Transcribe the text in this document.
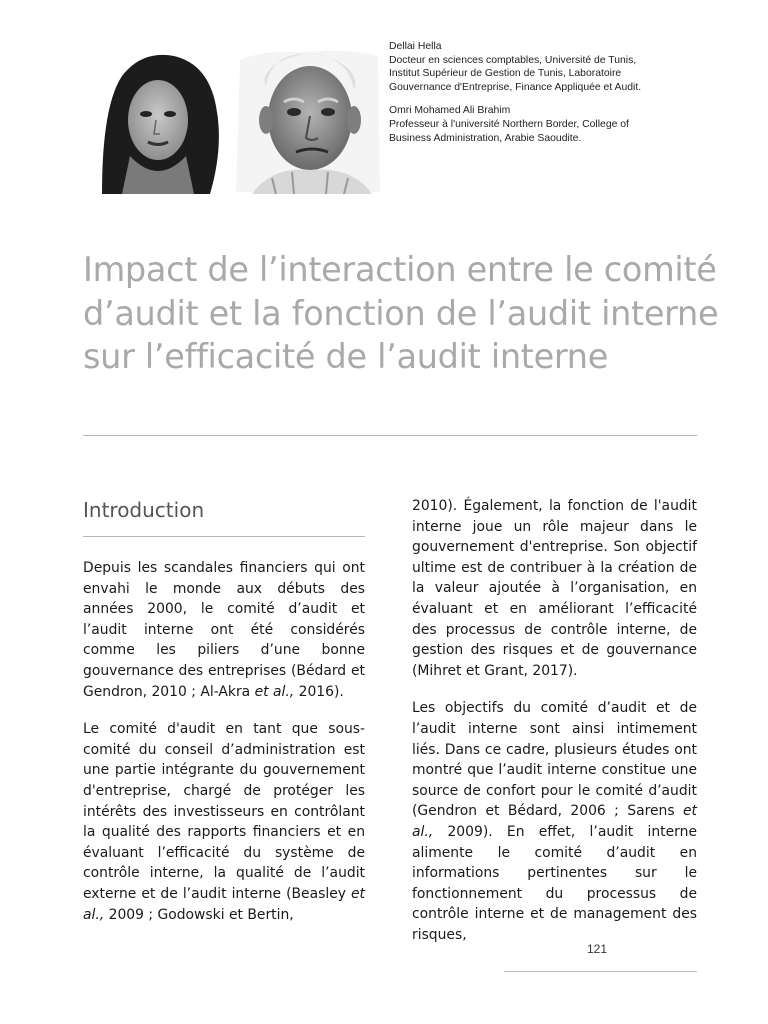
Dellai Hella

Docteur en sciences comptables, Université de Tunis,

Institut Supérieur de Gestion de Tunis, Laboratoire

Gouvernance d'Entreprise, Finance Appliquée et Audit.

Omri Mohamed Ali Brahim

Professeur à l'université Northern Border, College of

Business Administration, Arabie Saoudite.

Impact de l’interaction entre le comité d’audit et la fonction de l’audit interne sur l’efficacité de l’audit interne
Introduction

Depuis les scandales financiers qui ont envahi le monde aux débuts des années 2000, le comité d’audit et l’audit interne ont été considérés comme les piliers d’une bonne gouvernance des entreprises (Bédard et Gendron, 2010 ; Al-Akra et al., 2016).

Le comité d'audit en tant que sous-comité du conseil d’administration est une partie intégrante du gouvernement d'entreprise, chargé de protéger les intérêts des investisseurs en contrôlant la qualité des rapports financiers et en évaluant l’efficacité du système de contrôle interne, la qualité de l’audit externe et de l’audit interne (Beasley et al., 2009 ; Godowski et Bertin,

2010). Également, la fonction de l'audit interne joue un rôle majeur dans le gouvernement d'entreprise. Son objectif ultime est de contribuer à la création de la valeur ajoutée à l’organisation, en évaluant et en améliorant l’efficacité des processus de contrôle interne, de gestion des risques et de gouvernance (Mihret et Grant, 2017).

Les objectifs du comité d’audit et de l’audit interne sont ainsi intimement liés. Dans ce cadre, plusieurs études ont montré que l’audit interne constitue une source de confort pour le comité d’audit (Gendron et Bédard, 2006 ; Sarens et al., 2009). En effet, l’audit interne alimente le comité d’audit en informations pertinentes sur le fonctionnement du processus de contrôle interne et de management des risques,

121
